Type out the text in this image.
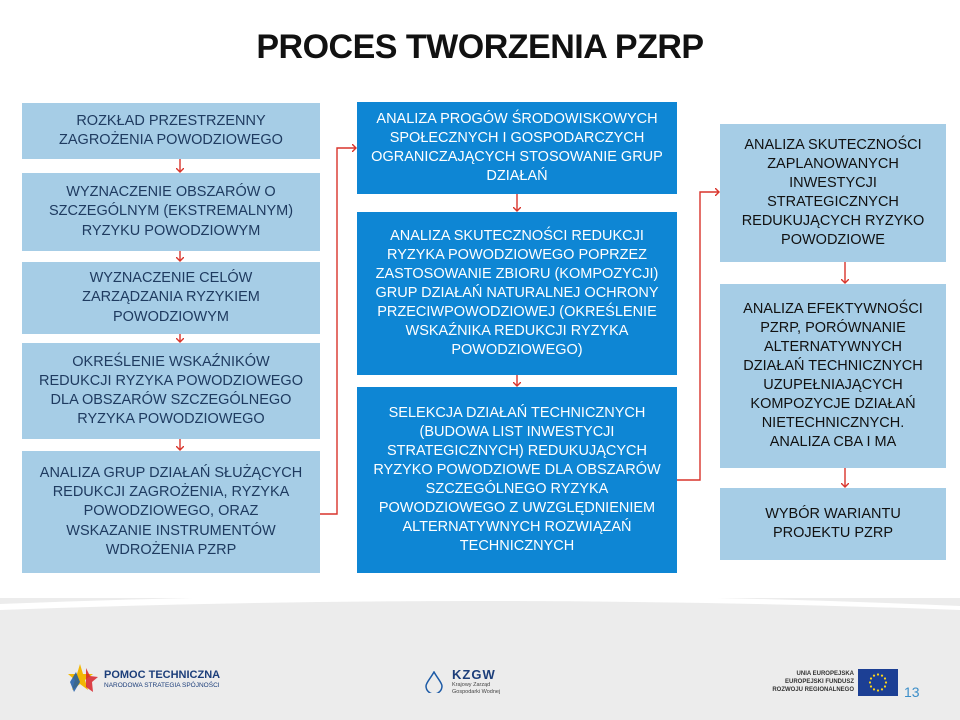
PROCES TWORZENIA PZRP
ROZKŁAD PRZESTRZENNY
ZAGROŻENIA POWODZIOWEGO
WYZNACZENIE OBSZARÓW O
SZCZEGÓLNYM (EKSTREMALNYM)
RYZYKU POWODZIOWYM
WYZNACZENIE CELÓW
ZARZĄDZANIA RYZYKIEM
POWODZIOWYM
OKREŚLENIE WSKAŹNIKÓW
REDUKCJI RYZYKA POWODZIOWEGO
DLA OBSZARÓW SZCZEGÓLNEGO
RYZYKA POWODZIOWEGO
ANALIZA GRUP DZIAŁAŃ SŁUŻĄCYCH
REDUKCJI ZAGROŻENIA, RYZYKA
POWODZIOWEGO, ORAZ
WSKAZANIE INSTRUMENTÓW
WDROŻENIA PZRP
ANALIZA PROGÓW ŚRODOWISKOWYCH
SPOŁECZNYCH I GOSPODARCZYCH
OGRANICZAJĄCYCH STOSOWANIE GRUP
DZIAŁAŃ
ANALIZA SKUTECZNOŚCI REDUKCJI
RYZYKA POWODZIOWEGO POPRZEZ
ZASTOSOWANIE ZBIORU (KOMPOZYCJI)
GRUP DZIAŁAŃ NATURALNEJ OCHRONY
PRZECIWPOWODZIOWEJ (OKREŚLENIE
WSKAŹNIKA REDUKCJI RYZYKA
POWODZIOWEGO)
SELEKCJA DZIAŁAŃ TECHNICZNYCH
(BUDOWA LIST INWESTYCJI
STRATEGICZNYCH) REDUKUJĄCYCH
RYZYKO POWODZIOWE DLA OBSZARÓW
SZCZEGÓLNEGO RYZYKA
POWODZIOWEGO Z UWZGLĘDNIENIEM
ALTERNATYWNYCH ROZWIĄZAŃ
TECHNICZNYCH
ANALIZA SKUTECZNOŚCI
ZAPLANOWANYCH
INWESTYCJI
STRATEGICZNYCH
REDUKUJĄCYCH RYZYKO
POWODZIOWE
ANALIZA EFEKTYWNOŚCI
PZRP, PORÓWNANIE
ALTERNATYWNYCH
DZIAŁAŃ TECHNICZNYCH
UZUPEŁNIAJĄCYCH
KOMPOZYCJE DZIAŁAŃ
NIETECHNICZNYCH.
ANALIZA CBA I MA
WYBÓR WARIANTU
PROJEKTU PZRP
POMOC TECHNICZNA
NARODOWA STRATEGIA SPÓJNOŚCI
KZGW
Krajowy Zarząd Gospodarki Wodnej
UNIA EUROPEJSKA
EUROPEJSKI FUNDUSZ
ROZWOJU REGIONALNEGO	13
